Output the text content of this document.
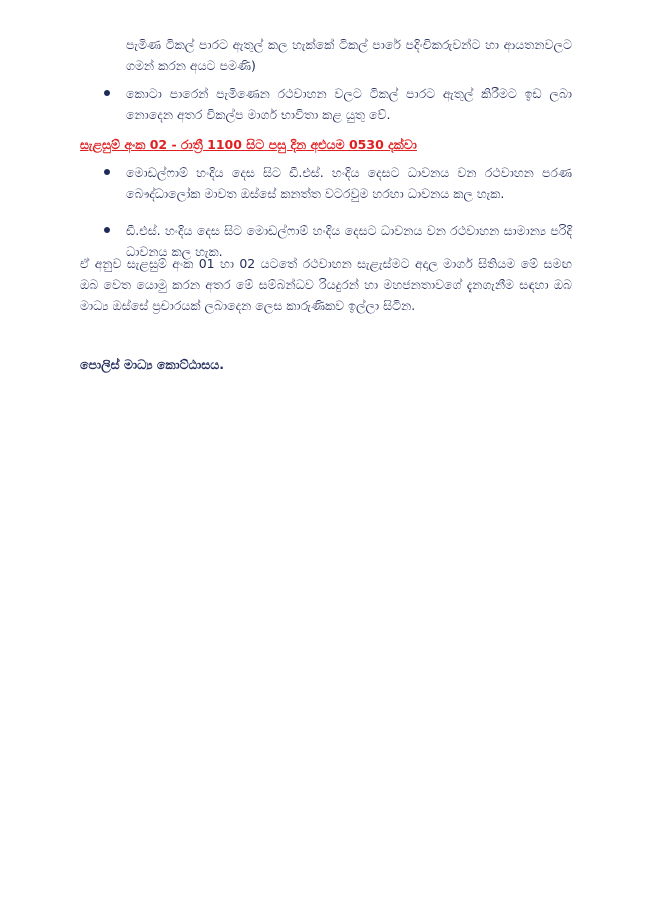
පැමිණ ටිකල් පාරට ඇතුල් කල හැක්කේ ටිකල් පාරේ පදිංචිකරුවන්ට හා ආයතනවලට ගමන් කරන අයට පමණි)

කොටා පාරෙන් පැමිණෙන රථවාහන වලට ටිකල් පාරට ඇතුල් කිරීමට ඉඩ ලබා නොදෙන අතර විකල්ප මාර්ග භාවිතා කළ යුතු වේ.

සැළසුම් අංක 02 - රාත්‍රී 1100 සිට පසු දින අළුයම 0530 දක්වා

මොඩල්ෆාම් හංදිය දෙස සිට ඩී.එස්. හංදිය දෙසට ධාවනය වන රථවාහන පරණ බෞද්ධාලෝක මාවත ඔස්සේ කනත්ත වටරවුම හරහා ධාවනය කල හැක.
ඩී.එස්. හංදිය දෙස සිට මොඩල්ෆාම් හංදිය දෙසට ධාවනය වන රථවාහන සාමාන්‍ය පරිදි ධාවනය කල හැක.

ඒ අනුව සැළසුම් අංක 01 හා 02 යටතේ රථවාහන සැළැස්මට අදාල මාර්ග සිතියම මේ සමඟ ඔබ වෙත යොමු කරන අතර මේ සම්බන්ධව රියදුරන් හා මහජනතාවගේ දැනගැනීම සඳහා ඔබ මාධ්‍ය ඔස්සේ ප්‍රචාරයක් ලබාදෙන ලෙස කාරුණිකව ඉල්ලා සිටින.

පොලිස් මාධ්‍ය කොට්ඨාසය.
